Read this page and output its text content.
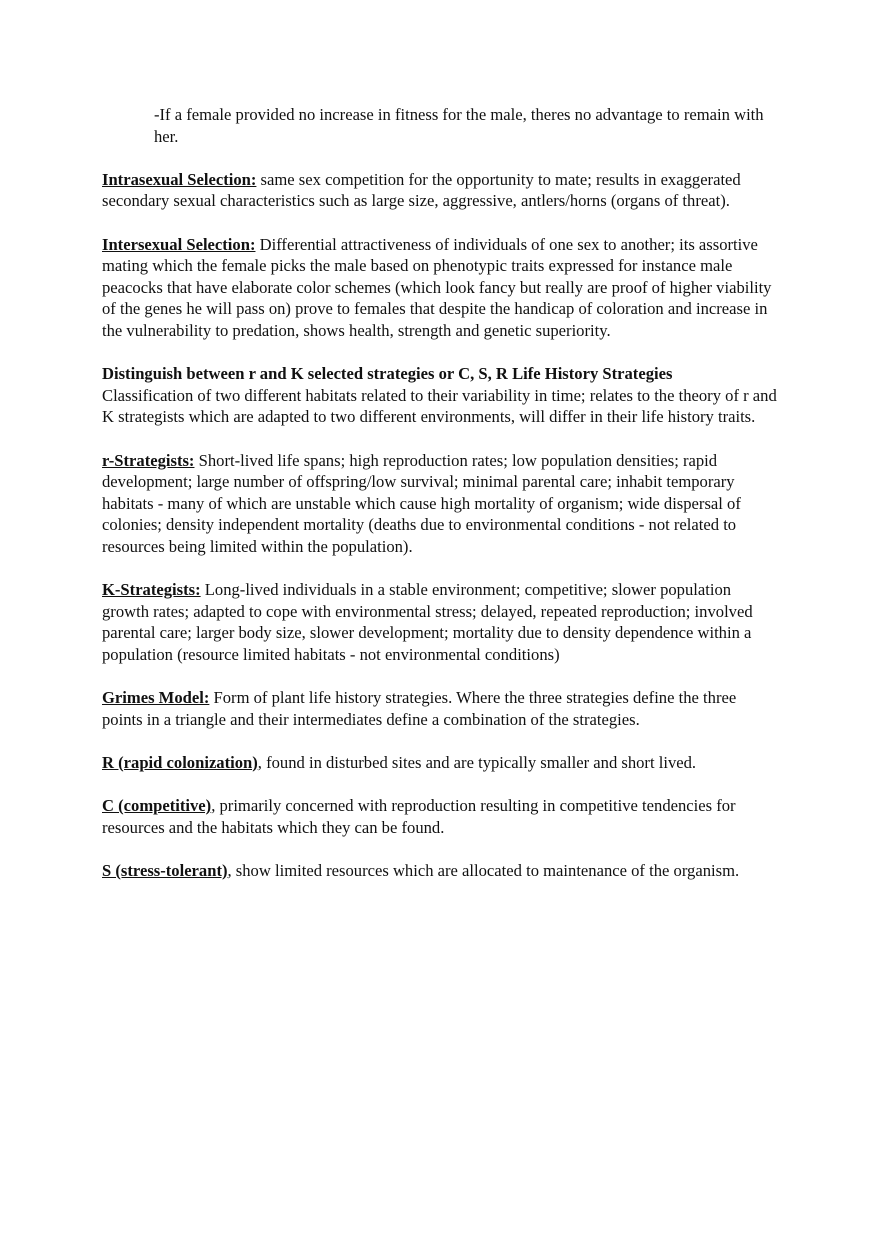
-If a female provided no increase in fitness for the male, theres no advantage to remain with her.

Intrasexual Selection: same sex competition for the opportunity to mate; results in exaggerated secondary sexual characteristics such as large size, aggressive, antlers/horns (organs of threat).

Intersexual Selection: Differential attractiveness of individuals of one sex to another; its assortive mating which the female picks the male based on phenotypic traits expressed for instance male peacocks that have elaborate color schemes (which look fancy but really are proof of higher viability of the genes he will pass on) prove to females that despite the handicap of coloration and increase in the vulnerability to predation, shows health, strength and genetic superiority.

Distinguish between r and K selected strategies or C, S, R Life History Strategies
Classification of two different habitats related to their variability in time; relates to the theory of r and K strategists which are adapted to two different environments, will differ in their life history traits.

r-Strategists: Short-lived life spans; high reproduction rates; low population densities; rapid development; large number of offspring/low survival; minimal parental care; inhabit temporary habitats - many of which are unstable which cause high mortality of organism; wide dispersal of colonies; density independent mortality (deaths due to environmental conditions - not related to resources being limited within the population).

K-Strategists: Long-lived individuals in a stable environment; competitive; slower population growth rates; adapted to cope with environmental stress; delayed, repeated reproduction; involved parental care; larger body size, slower development; mortality due to density dependence within a population (resource limited habitats - not environmental conditions)

Grimes Model: Form of plant life history strategies. Where the three strategies define the three points in a triangle and their intermediates define a combination of the strategies.

R (rapid colonization), found in disturbed sites and are typically smaller and short lived.

C (competitive), primarily concerned with reproduction resulting in competitive tendencies for resources and the habitats which they can be found.

S (stress-tolerant), show limited resources which are allocated to maintenance of the organism.
